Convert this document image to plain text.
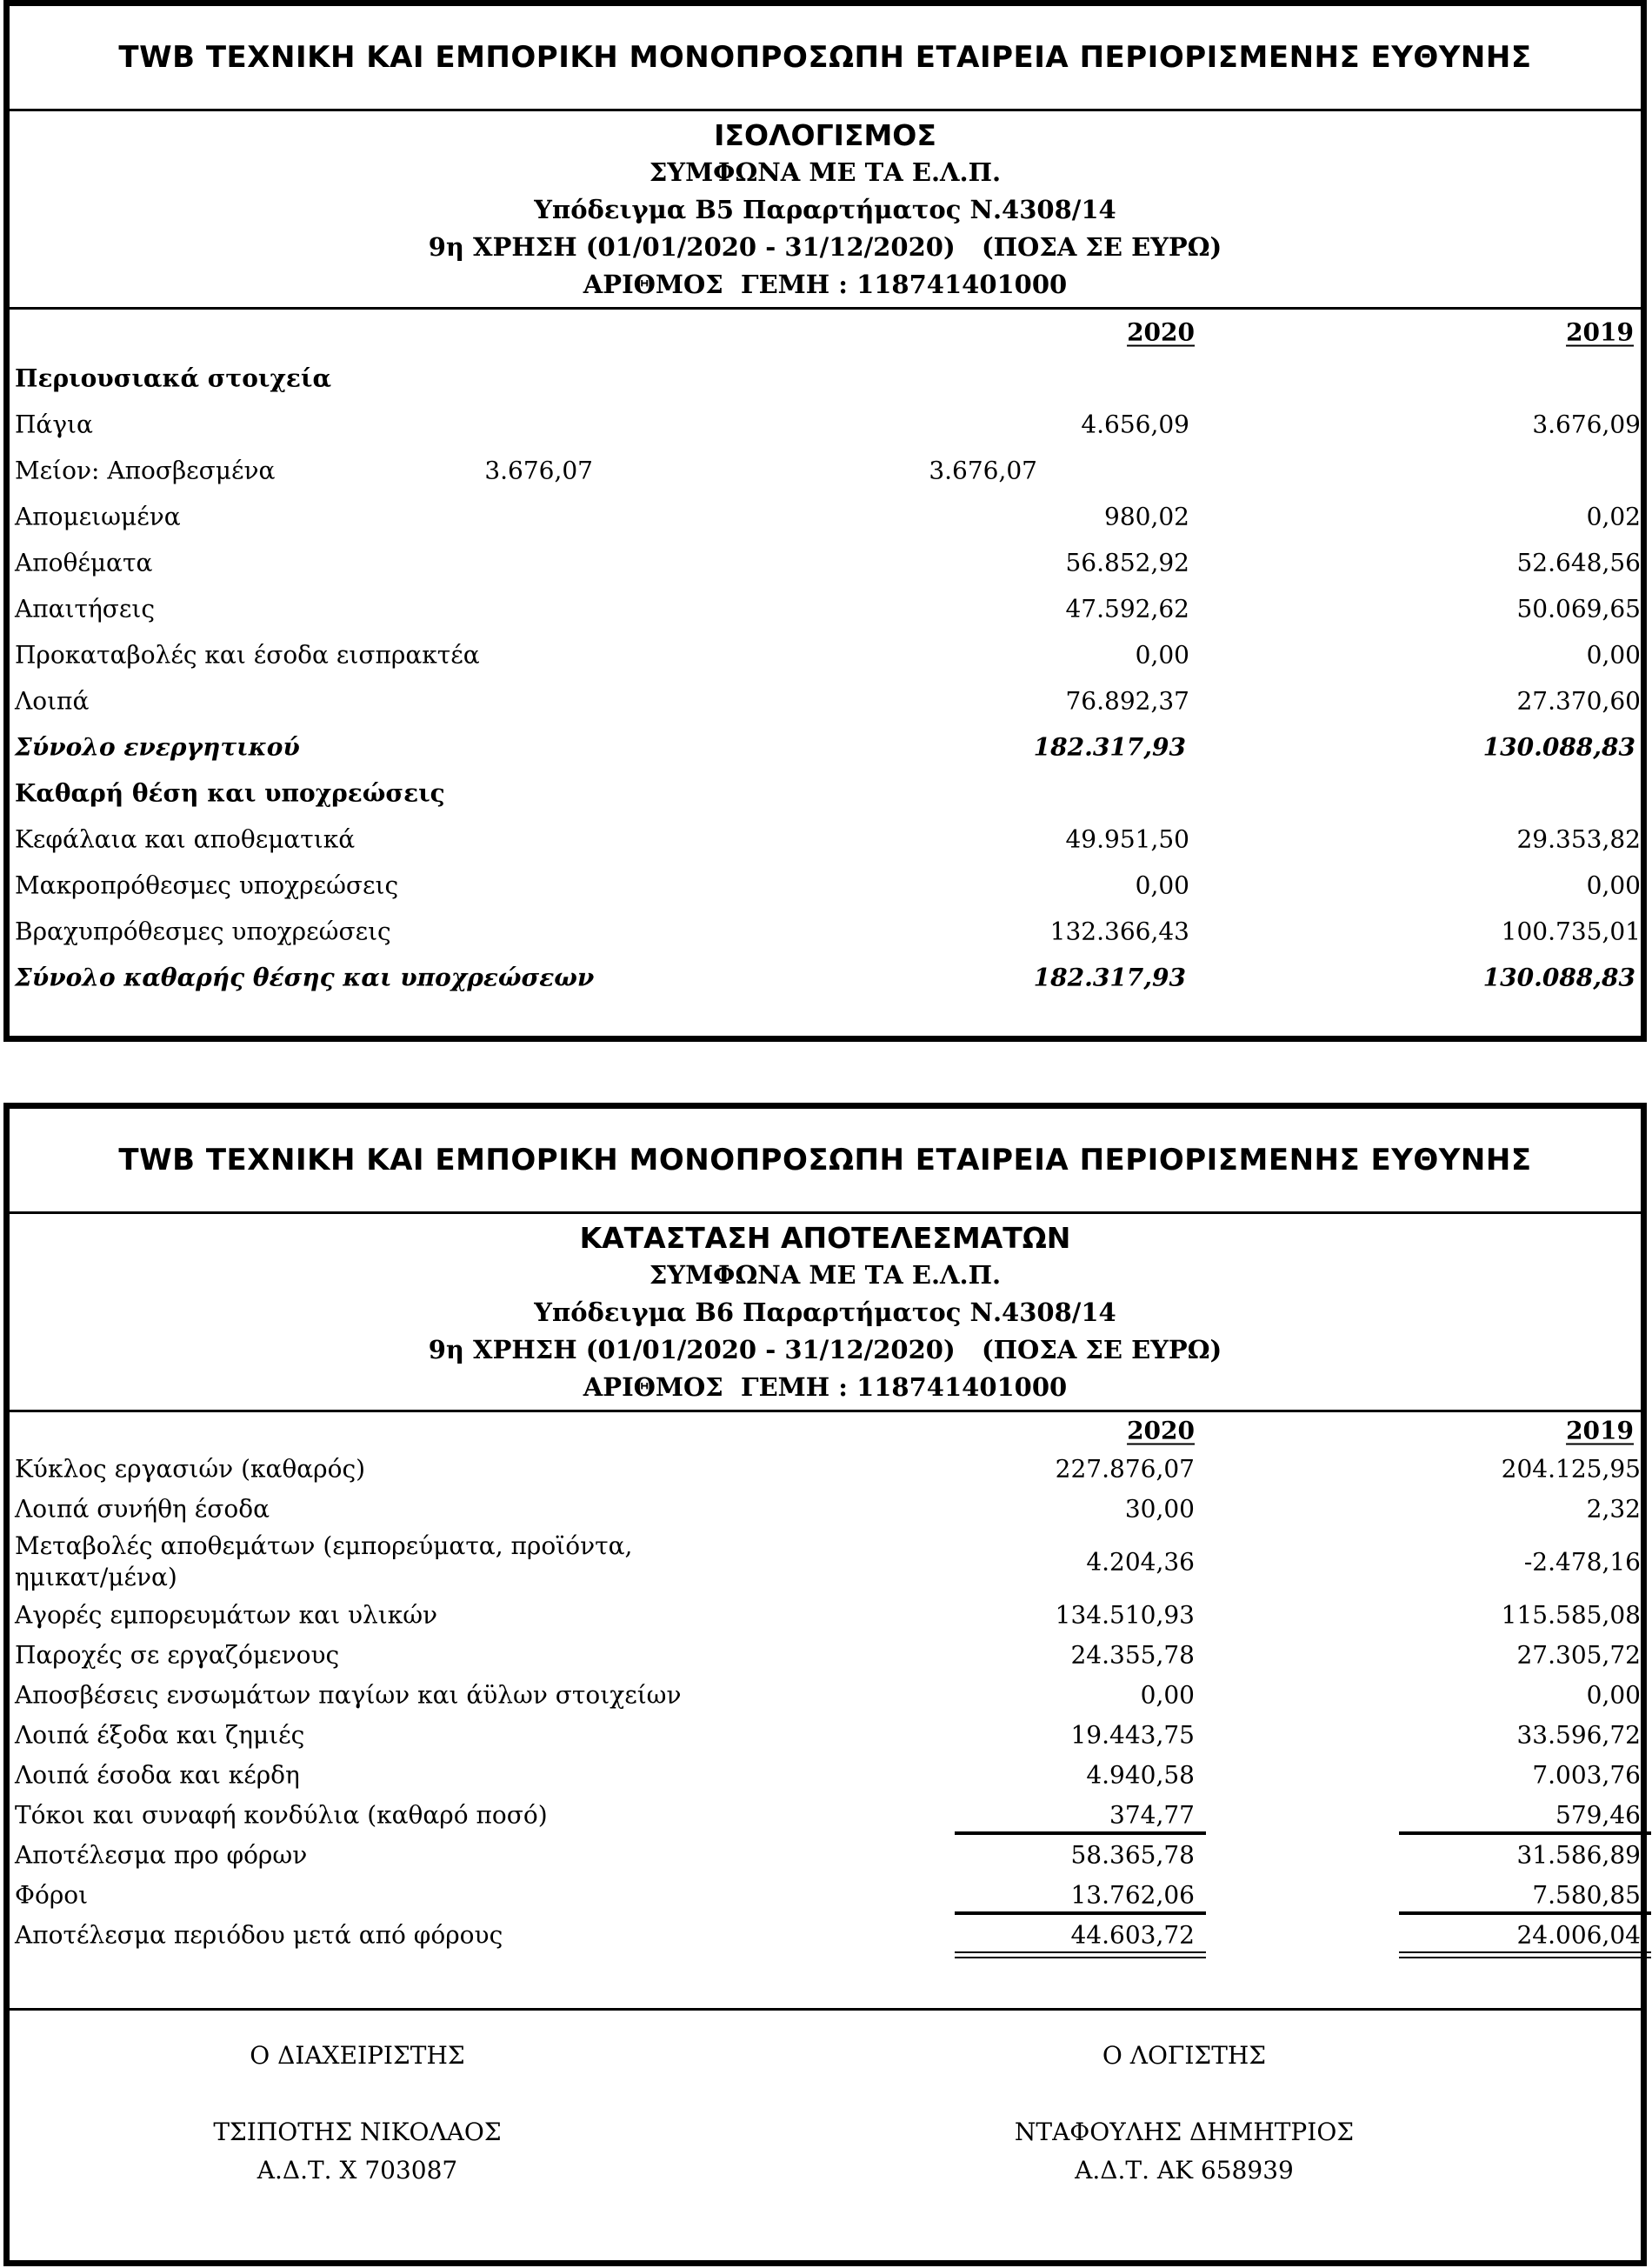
TWB ΤΕΧΝΙΚΗ ΚΑΙ ΕΜΠΟΡΙΚΗ ΜΟΝΟΠΡΟΣΩΠΗ ΕΤΑΙΡΕΙΑ ΠΕΡΙΟΡΙΣΜΕΝΗΣ ΕΥΘΥΝΗΣ
ΙΣΟΛΟΓΙΣΜΟΣ
ΣΥΜΦΩΝΑ ΜΕ ΤΑ Ε.Λ.Π.
Υπόδειγμα Β5 Παραρτήματος Ν.4308/14
9η ΧΡΗΣΗ (01/01/2020 - 31/12/2020)   (ΠΟΣΑ ΣΕ ΕΥΡΩ)
ΑΡΙΘΜΟΣ  ΓΕΜΗ : 118741401000
2020	2019
Περιουσιακά στοιχεία
Πάγια	4.656,09	3.676,09
Μείον: Αποσβεσμένα	3.676,07	3.676,07
Απομειωμένα	980,02	0,02
Αποθέματα	56.852,92	52.648,56
Απαιτήσεις	47.592,62	50.069,65
Προκαταβολές και έσοδα εισπρακτέα	0,00	0,00
Λοιπά	76.892,37	27.370,60
Σύνολο ενεργητικού	182.317,93	130.088,83
Καθαρή θέση και υποχρεώσεις
Κεφάλαια και αποθεματικά	49.951,50	29.353,82
Μακροπρόθεσμες υποχρεώσεις	0,00	0,00
Βραχυπρόθεσμες υποχρεώσεις	132.366,43	100.735,01
Σύνολο καθαρής θέσης και υποχρεώσεων	182.317,93	130.088,83
TWB ΤΕΧΝΙΚΗ ΚΑΙ ΕΜΠΟΡΙΚΗ ΜΟΝΟΠΡΟΣΩΠΗ ΕΤΑΙΡΕΙΑ ΠΕΡΙΟΡΙΣΜΕΝΗΣ ΕΥΘΥΝΗΣ
ΚΑΤΑΣΤΑΣΗ ΑΠΟΤΕΛΕΣΜΑΤΩΝ
ΣΥΜΦΩΝΑ ΜΕ ΤΑ Ε.Λ.Π.
Υπόδειγμα Β6 Παραρτήματος Ν.4308/14
9η ΧΡΗΣΗ (01/01/2020 - 31/12/2020)   (ΠΟΣΑ ΣΕ ΕΥΡΩ)
ΑΡΙΘΜΟΣ  ΓΕΜΗ : 118741401000
2020	2019
Κύκλος εργασιών (καθαρός)	227.876,07	204.125,95
Λοιπά συνήθη έσοδα	30,00	2,32
Μεταβολές αποθεμάτων (εμπορεύματα, προϊόντα, ημικατ/μένα)
4.204,36	-2.478,16
Αγορές εμπορευμάτων και υλικών	134.510,93	115.585,08
Παροχές σε εργαζόμενους	24.355,78	27.305,72
Αποσβέσεις ενσωμάτων παγίων και άϋλων στοιχείων	0,00	0,00
Λοιπά έξοδα και ζημιές	19.443,75	33.596,72
Λοιπά έσοδα και κέρδη	4.940,58	7.003,76
Τόκοι και συναφή κονδύλια (καθαρό ποσό)	374,77	579,46
Αποτέλεσμα προ φόρων	58.365,78	31.586,89
Φόροι	13.762,06	7.580,85
Αποτέλεσμα περιόδου μετά από φόρους	44.603,72	24.006,04
Ο ΔΙΑΧΕΙΡΙΣΤΗΣ
ΤΣΙΠΟΤΗΣ ΝΙΚΟΛΑΟΣ
Α.Δ.Τ. Χ 703087
Ο ΛΟΓΙΣΤΗΣ
ΝΤΑΦΟΥΛΗΣ ΔΗΜΗΤΡΙΟΣ
Α.Δ.Τ. ΑΚ 658939
